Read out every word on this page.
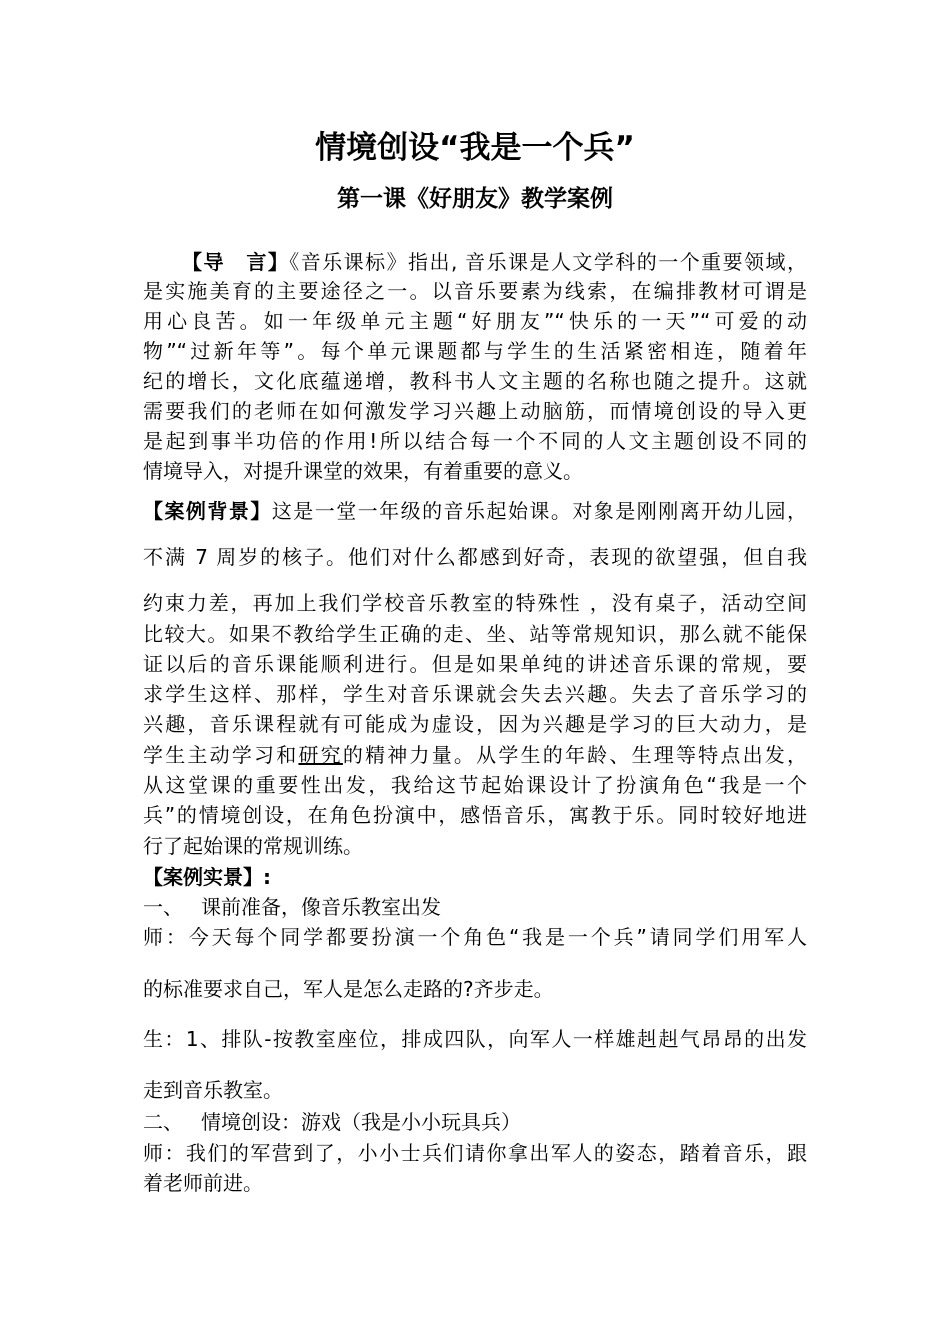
情境创设“我是一个兵”
第一课《好朋友》教学案例
【导　言】《音乐课标》指出, 音乐课是人文学科的一个重要领域，
是实施美育的主要途径之一。以音乐要素为线索，在编排教材可谓是
用心良苦。如一年级单元主题“好朋友”“快乐的一天”“可爱的动
物”“过新年等”。每个单元课题都与学生的生活紧密相连，随着年
纪的增长，文化底蕴递增，教科书人文主题的名称也随之提升。这就
需要我们的老师在如何激发学习兴趣上动脑筋，而情境创设的导入更
是起到事半功倍的作用!所以结合每一个不同的人文主题创设不同的
情境导入，对提升课堂的效果，有着重要的意义。
【案例背景】这是一堂一年级的音乐起始课。对象是刚刚离开幼儿园，
不满 7 周岁的核子。他们对什么都感到好奇，表现的欲望强，但自我
约束力差，再加上我们学校音乐教室的特殊性 ，没有桌子，活动空间
比较大。如果不教给学生正确的走、坐、站等常规知识，那么就不能保
证以后的音乐课能顺利进行。但是如果单纯的讲述音乐课的常规，要
求学生这样、那样，学生对音乐课就会失去兴趣。失去了音乐学习的
兴趣，音乐课程就有可能成为虚设，因为兴趣是学习的巨大动力，是
学生主动学习和研究的精神力量。从学生的年龄、生理等特点出发，
从这堂课的重要性出发，我给这节起始课设计了扮演角色“我是一个
兵”的情境创设，在角色扮演中，感悟音乐，寓教于乐。同时较好地进
行了起始课的常规训练。
【案例实景】:
一、 课前准备，像音乐教室出发
师：今天每个同学都要扮演一个角色“我是一个兵”请同学们用军人
的标准要求自己，军人是怎么走路的?齐步走。
生：1、排队-按教室座位，排成四队，向军人一样雄赳赳气昂昂的出发
走到音乐教室。
二、 情境创设：游戏（我是小小玩具兵）
师：我们的军营到了，小小士兵们请你拿出军人的姿态，踏着音乐，跟
着老师前进。
